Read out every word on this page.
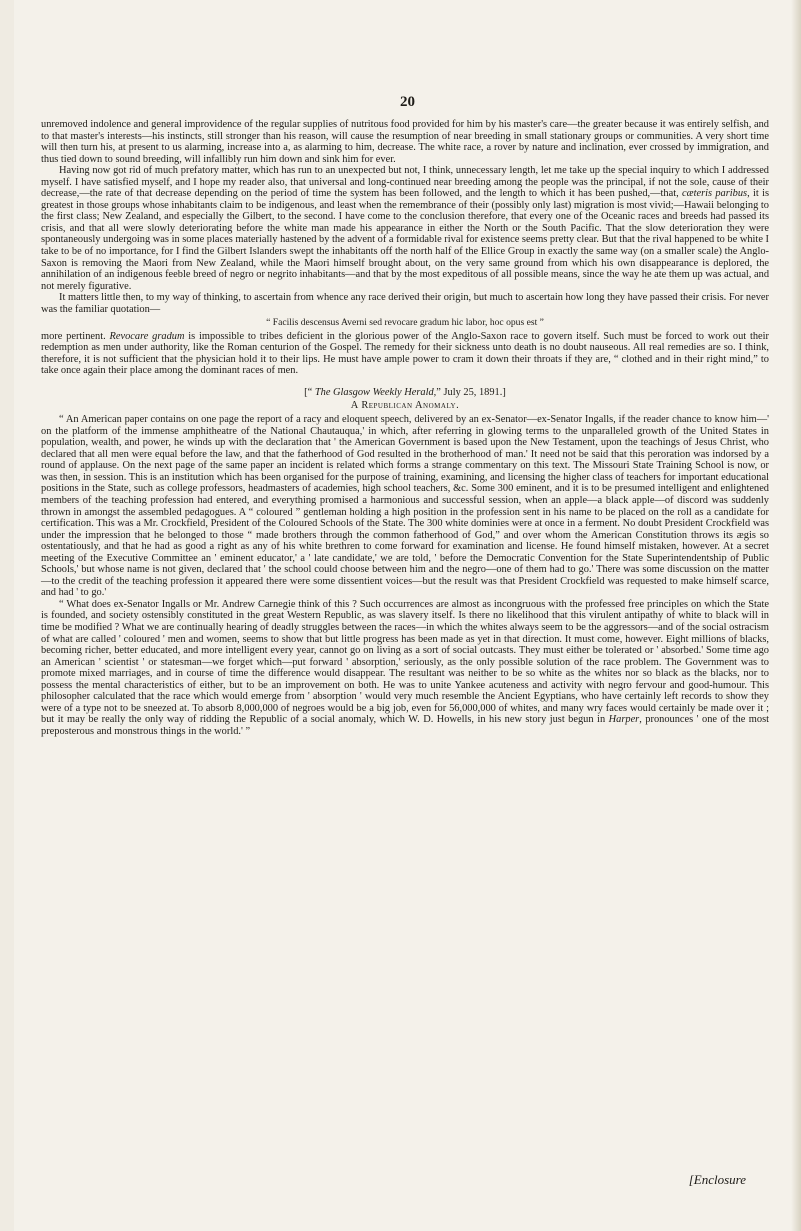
20

unremoved indolence and general improvidence of the regular supplies of nutritous food provided for him by his master's care—the greater because it was entirely selfish, and to that master's interests—his instincts, still stronger than his reason, will cause the resumption of near breeding in small stationary groups or communities. A very short time will then turn his, at present to us alarming, increase into a, as alarming to him, decrease. The white race, a rover by nature and inclination, ever crossed by immigration, and thus tied down to sound breeding, will infallibly run him down and sink him for ever.

Having now got rid of much prefatory matter, which has run to an unexpected but not, I think, unnecessary length, let me take up the special inquiry to which I addressed myself. I have satisfied myself, and I hope my reader also, that universal and long-continued near breeding among the people was the principal, if not the sole, cause of their decrease,—the rate of that decrease depending on the period of time the system has been followed, and the length to which it has been pushed,—that, cæteris paribus, it is greatest in those groups whose inhabitants claim to be indigenous, and least when the remembrance of their (possibly only last) migration is most vivid;—Hawaii belonging to the first class; New Zealand, and especially the Gilbert, to the second. I have come to the conclusion therefore, that every one of the Oceanic races and breeds had passed its crisis, and that all were slowly deteriorating before the white man made his appearance in either the North or the South Pacific. That the slow deterioration they were spontaneously undergoing was in some places materially hastened by the advent of a formidable rival for existence seems pretty clear. But that the rival happened to be white I take to be of no importance, for I find the Gilbert Islanders swept the inhabitants off the north half of the Ellice Group in exactly the same way (on a smaller scale) the Anglo-Saxon is removing the Maori from New Zealand, while the Maori himself brought about, on the very same ground from which his own disappearance is deplored, the annihilation of an indigenous feeble breed of negro or negrito inhabitants—and that by the most expeditous of all possible means, since the way he ate them up was actual, and not merely figurative.

It matters little then, to my way of thinking, to ascertain from whence any race derived their origin, but much to ascertain how long they have passed their crisis. For never was the familiar quotation—

“ Facilis descensus Averni sed revocare gradum hic labor, hoc opus est ”

more pertinent. Revocare gradum is impossible to tribes deficient in the glorious power of the Anglo-Saxon race to govern itself. Such must be forced to work out their redemption as men under authority, like the Roman centurion of the Gospel. The remedy for their sickness unto death is no doubt nauseous. All real remedies are so. I think, therefore, it is not sufficient that the physician hold it to their lips. He must have ample power to cram it down their throats if they are, “ clothed and in their right mind,” to take once again their place among the dominant races of men.

[“ The Glasgow Weekly Herald,” July 25, 1891.]
A Republican Anomaly.

“ An American paper contains on one page the report of a racy and eloquent speech, delivered by an ex-Senator—ex-Senator Ingalls, if the reader chance to know him—' on the platform of the immense amphitheatre of the National Chautauqua,' in which, after referring in glowing terms to the unparalleled growth of the United States in population, wealth, and power, he winds up with the declaration that ' the American Government is based upon the New Testament, upon the teachings of Jesus Christ, who declared that all men were equal before the law, and that the fatherhood of God resulted in the brotherhood of man.' It need not be said that this peroration was indorsed by a round of applause. On the next page of the same paper an incident is related which forms a strange commentary on this text. The Missouri State Training School is now, or was then, in session. This is an institution which has been organised for the purpose of training, examining, and licensing the higher class of teachers for important educational positions in the State, such as college professors, headmasters of academies, high school teachers, &c. Some 300 eminent, and it is to be presumed intelligent and enlightened members of the teaching profession had entered, and everything promised a harmonious and successful session, when an apple—a black apple—of discord was suddenly thrown in amongst the assembled pedagogues. A “ coloured ” gentleman holding a high position in the profession sent in his name to be placed on the roll as a candidate for certification. This was a Mr. Crockfield, President of the Coloured Schools of the State. The 300 white dominies were at once in a ferment. No doubt President Crockfield was under the impression that he belonged to those “ made brothers through the common fatherhood of God,” and over whom the American Constitution throws its ægis so ostentatiously, and that he had as good a right as any of his white brethren to come forward for examination and license. He found himself mistaken, however. At a secret meeting of the Executive Committee an ' eminent educator,' a ' late candidate,' we are told, ' before the Democratic Convention for the State Superintendentship of Public Schools,' but whose name is not given, declared that ' the school could choose between him and the negro—one of them had to go.' There was some discussion on the matter—to the credit of the teaching profession it appeared there were some dissentient voices—but the result was that President Crockfield was requested to make himself scarce, and had ' to go.'

“ What does ex-Senator Ingalls or Mr. Andrew Carnegie think of this ? Such occurrences are almost as incongruous with the professed free principles on which the State is founded, and society ostensibly constituted in the great Western Republic, as was slavery itself. Is there no likelihood that this virulent antipathy of white to black will in time be modified ? What we are continually hearing of deadly struggles between the races—in which the whites always seem to be the aggressors—and of the social ostracism of what are called ' coloured ' men and women, seems to show that but little progress has been made as yet in that direction. It must come, however. Eight millions of blacks, becoming richer, better educated, and more intelligent every year, cannot go on living as a sort of social outcasts. They must either be tolerated or ' absorbed.' Some time ago an American ' scientist ' or statesman—we forget which—put forward ' absorption,' seriously, as the only possible solution of the race problem. The Government was to promote mixed marriages, and in course of time the difference would disappear. The resultant was neither to be so white as the whites nor so black as the blacks, nor to possess the mental characteristics of either, but to be an improvement on both. He was to unite Yankee acuteness and activity with negro fervour and good-humour. This philosopher calculated that the race which would emerge from ' absorption ' would very much resemble the Ancient Egyptians, who have certainly left records to show they were of a type not to be sneezed at. To absorb 8,000,000 of negroes would be a big job, even for 56,000,000 of whites, and many wry faces would certainly be made over it ; but it may be really the only way of ridding the Republic of a social anomaly, which W. D. Howells, in his new story just begun in Harper, pronounces ' one of the most preposterous and monstrous things in the world.' ”

[Enclosure
